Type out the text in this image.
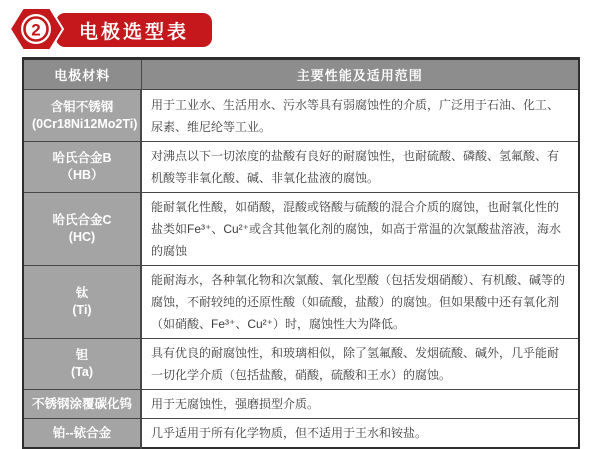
2 电极选型表
电极材料	主要性能及适用范围
含钼不锈钢
(0Cr18Ni12Mo2Ti)	用于工业水、生活用水、污水等具有弱腐蚀性的介质，广泛用于石油、化工、尿素、维尼纶等工业。
哈氏合金B
（HB）	对沸点以下一切浓度的盐酸有良好的耐腐蚀性，也耐硫酸、磷酸、氢氟酸、有机酸等非氧化酸、碱、非氧化盐液的腐蚀。
哈氏合金C
(HC)	能耐氧化性酸，如硝酸，混酸或铬酸与硫酸的混合介质的腐蚀，也耐氧化性的盐类如Fe³⁺、Cu²⁺或含其他氧化剂的腐蚀，如高于常温的次氯酸盐溶液，海水的腐蚀
钛
(Ti)	能耐海水，各种氧化物和次氯酸、氧化型酸（包括发烟硝酸）、有机酸、碱等的腐蚀，不耐较纯的还原性酸（如硫酸，盐酸）的腐蚀。但如果酸中还有氧化剂（如硝酸、Fe³⁺、Cu²⁺）时，腐蚀性大为降低。
钽
(Ta)	具有优良的耐腐蚀性，和玻璃相似，除了氢氟酸、发烟硫酸、碱外，几乎能耐一切化学介质（包括盐酸，硝酸，硫酸和王水）的腐蚀。
不锈钢涂覆碳化钨	用于无腐蚀性，强磨损型介质。
铂--铱合金	几乎适用于所有化学物质，但不适用于王水和铵盐。
